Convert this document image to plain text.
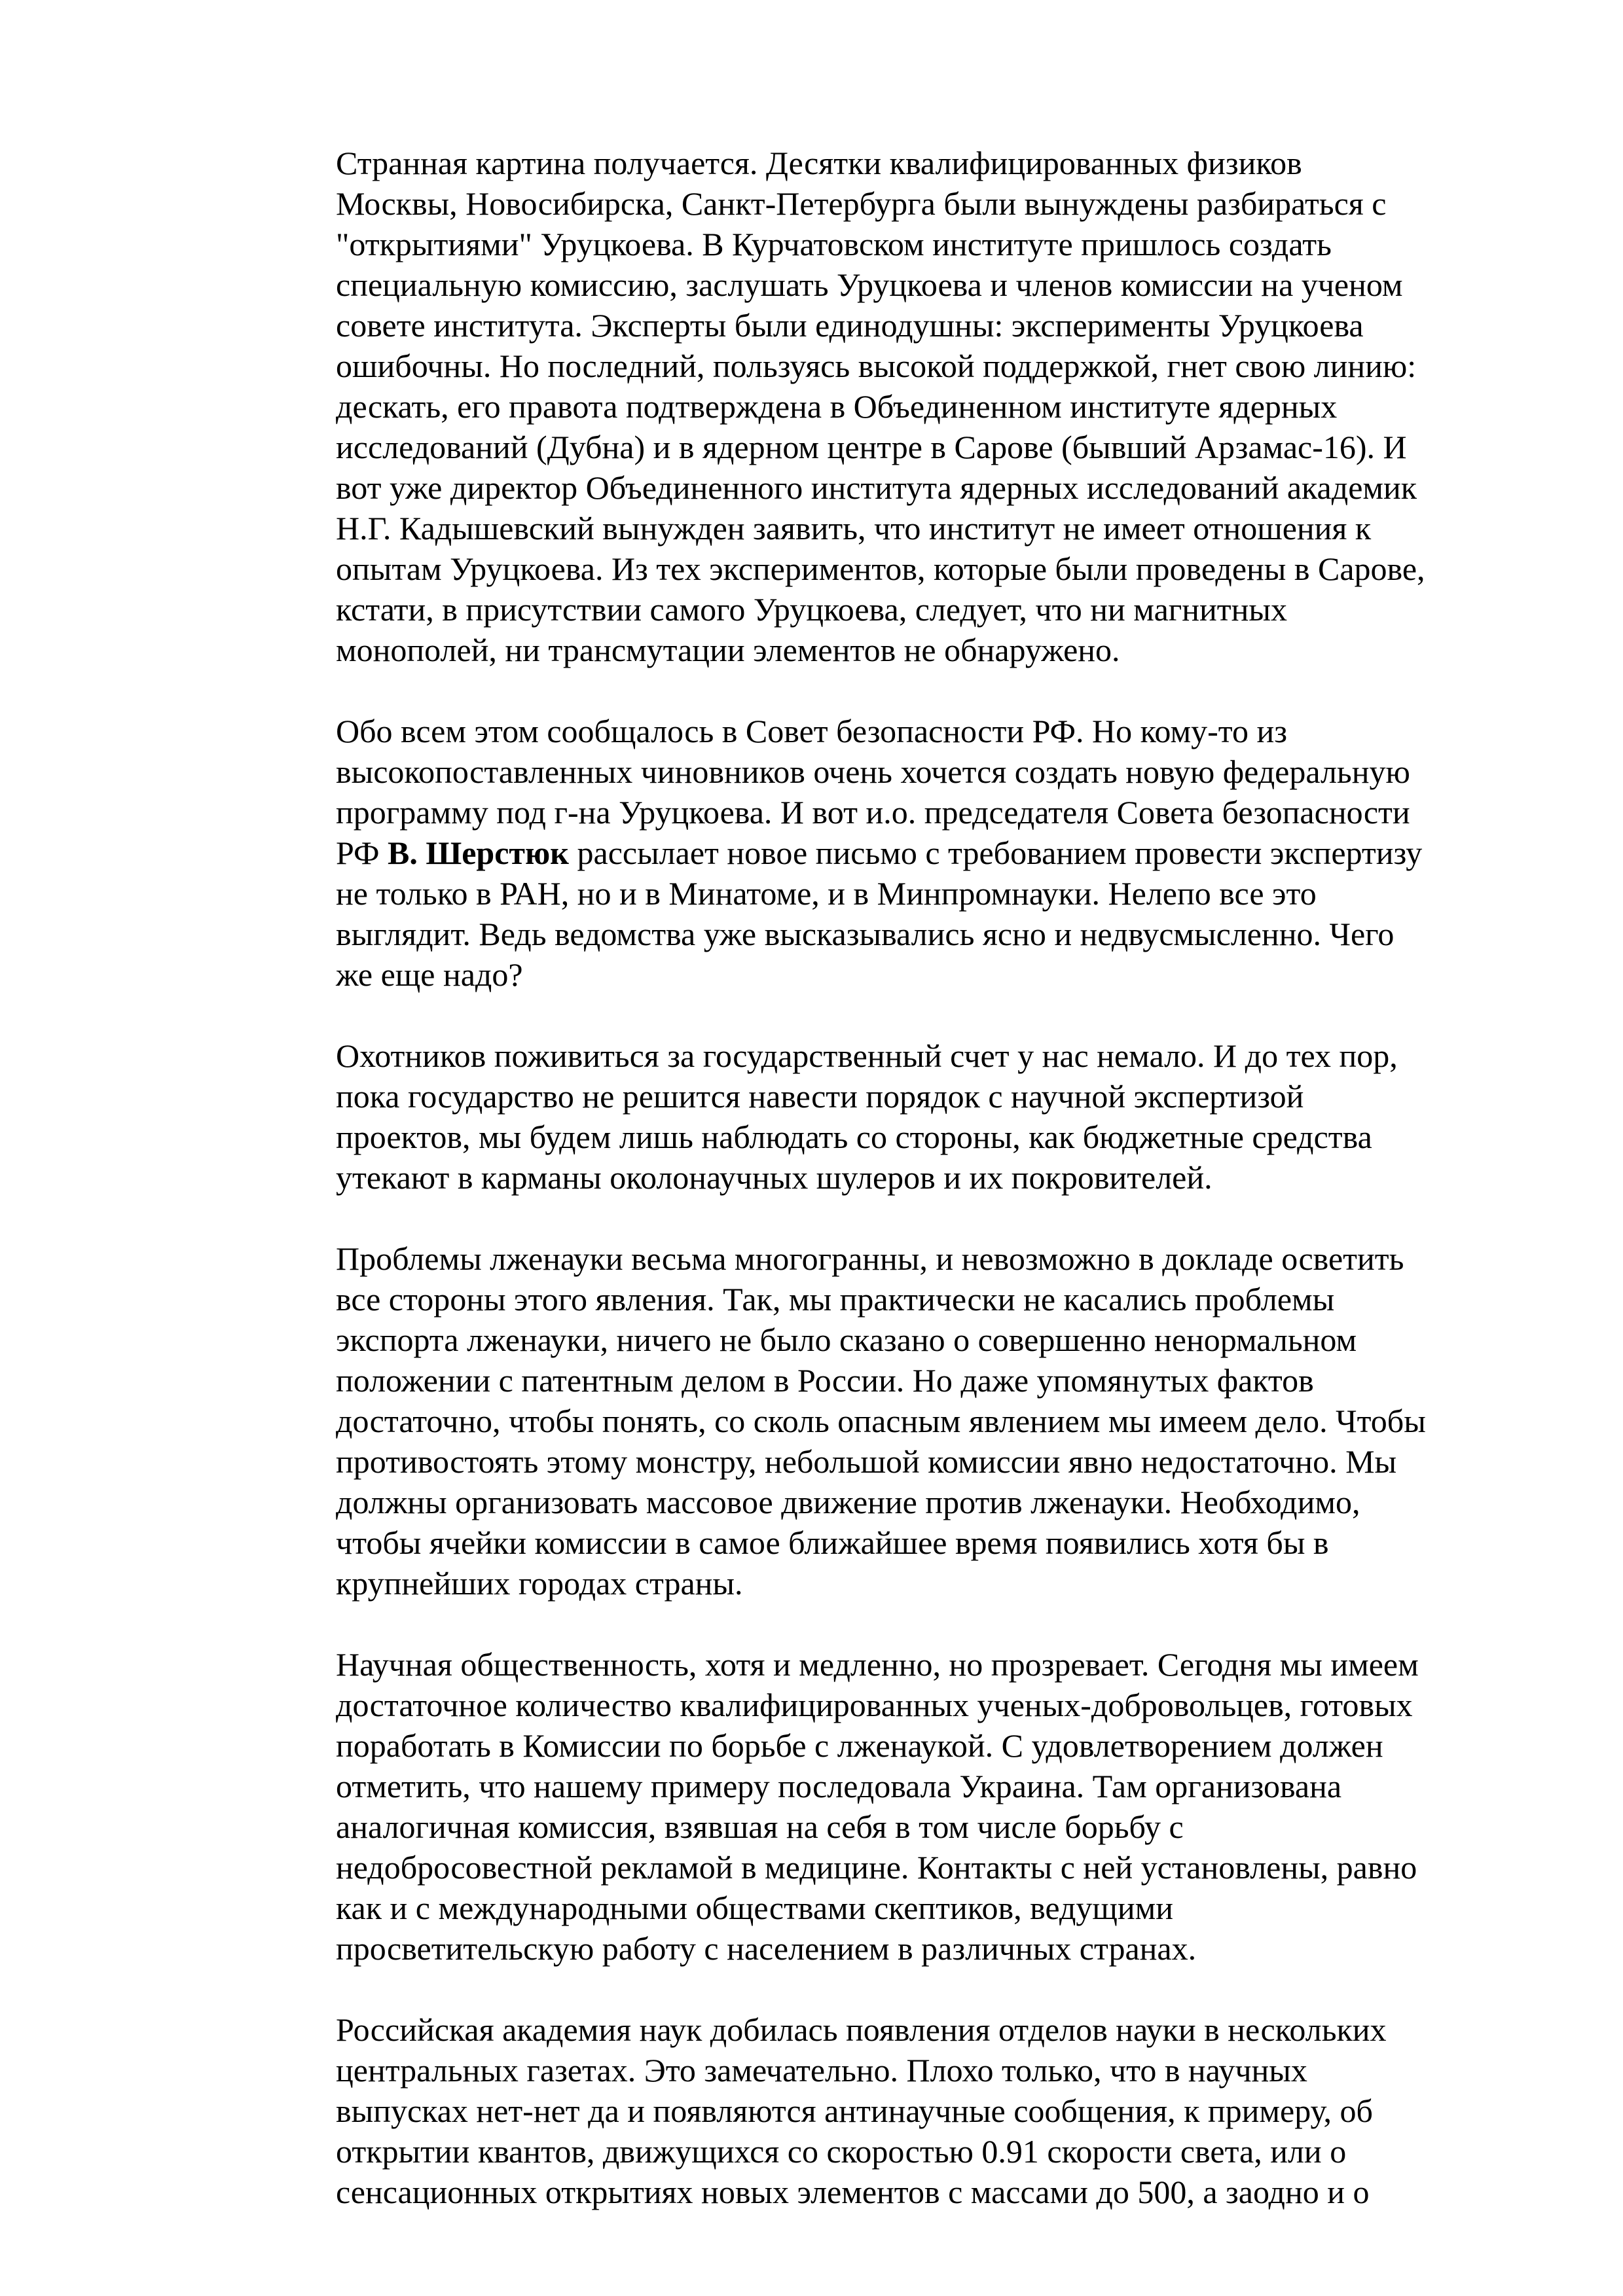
Странная картина получается. Десятки квалифицированных физиков Москвы, Новосибирска, Санкт-Петербурга были вынуждены разбираться с "открытиями" Уруцкоева. В Курчатовском институте пришлось создать специальную комиссию, заслушать Уруцкоева и членов комиссии на ученом совете института. Эксперты были единодушны: эксперименты Уруцкоева ошибочны. Но последний, пользуясь высокой поддержкой, гнет свою линию: дескать, его правота подтверждена в Объединенном институте ядерных исследований (Дубна) и в ядерном центре в Сарове (бывший Арзамас-16). И вот уже директор Объединенного института ядерных исследований академик Н.Г. Кадышевский вынужден заявить, что институт не имеет отношения к опытам Уруцкоева. Из тех экспериментов, которые были проведены в Сарове, кстати, в присутствии самого Уруцкоева, следует, что ни магнитных монополей, ни трансмутации элементов не обнаружено.

Обо всем этом сообщалось в Совет безопасности РФ. Но кому-то из высокопоставленных чиновников очень хочется создать новую федеральную программу под г-на Уруцкоева. И вот и.о. председателя Совета безопасности РФ В. Шерстюк рассылает новое письмо с требованием провести экспертизу не только в РАН, но и в Минатоме, и в Минпромнауки. Нелепо все это выглядит. Ведь ведомства уже высказывались ясно и недвусмысленно. Чего же еще надо?

Охотников поживиться за государственный счет у нас немало. И до тех пор, пока государство не решится навести порядок с научной экспертизой проектов, мы будем лишь наблюдать со стороны, как бюджетные средства утекают в карманы околонаучных шулеров и их покровителей.

Проблемы лженауки весьма многогранны, и невозможно в докладе осветить все стороны этого явления. Так, мы практически не касались проблемы экспорта лженауки, ничего не было сказано о совершенно ненормальном положении с патентным делом в России. Но даже упомянутых фактов достаточно, чтобы понять, со сколь опасным явлением мы имеем дело. Чтобы противостоять этому монстру, небольшой комиссии явно недостаточно. Мы должны организовать массовое движение против лженауки. Необходимо, чтобы ячейки комиссии в самое ближайшее время появились хотя бы в крупнейших городах страны.

Научная общественность, хотя и медленно, но прозревает. Сегодня мы имеем достаточное количество квалифицированных ученых-добровольцев, готовых поработать в Комиссии по борьбе с лженаукой. С удовлетворением должен отметить, что нашему примеру последовала Украина. Там организована аналогичная комиссия, взявшая на себя в том числе борьбу с недобросовестной рекламой в медицине. Контакты с ней установлены, равно как и с международными обществами скептиков, ведущими просветительскую работу с населением в различных странах.

Российская академия наук добилась появления отделов науки в нескольких центральных газетах. Это замечательно. Плохо только, что в научных выпусках нет-нет да и появляются антинаучные сообщения, к примеру, об открытии квантов, движущихся со скоростью 0.91 скорости света, или о сенсационных открытиях новых элементов с массами до 500, а заодно и о
